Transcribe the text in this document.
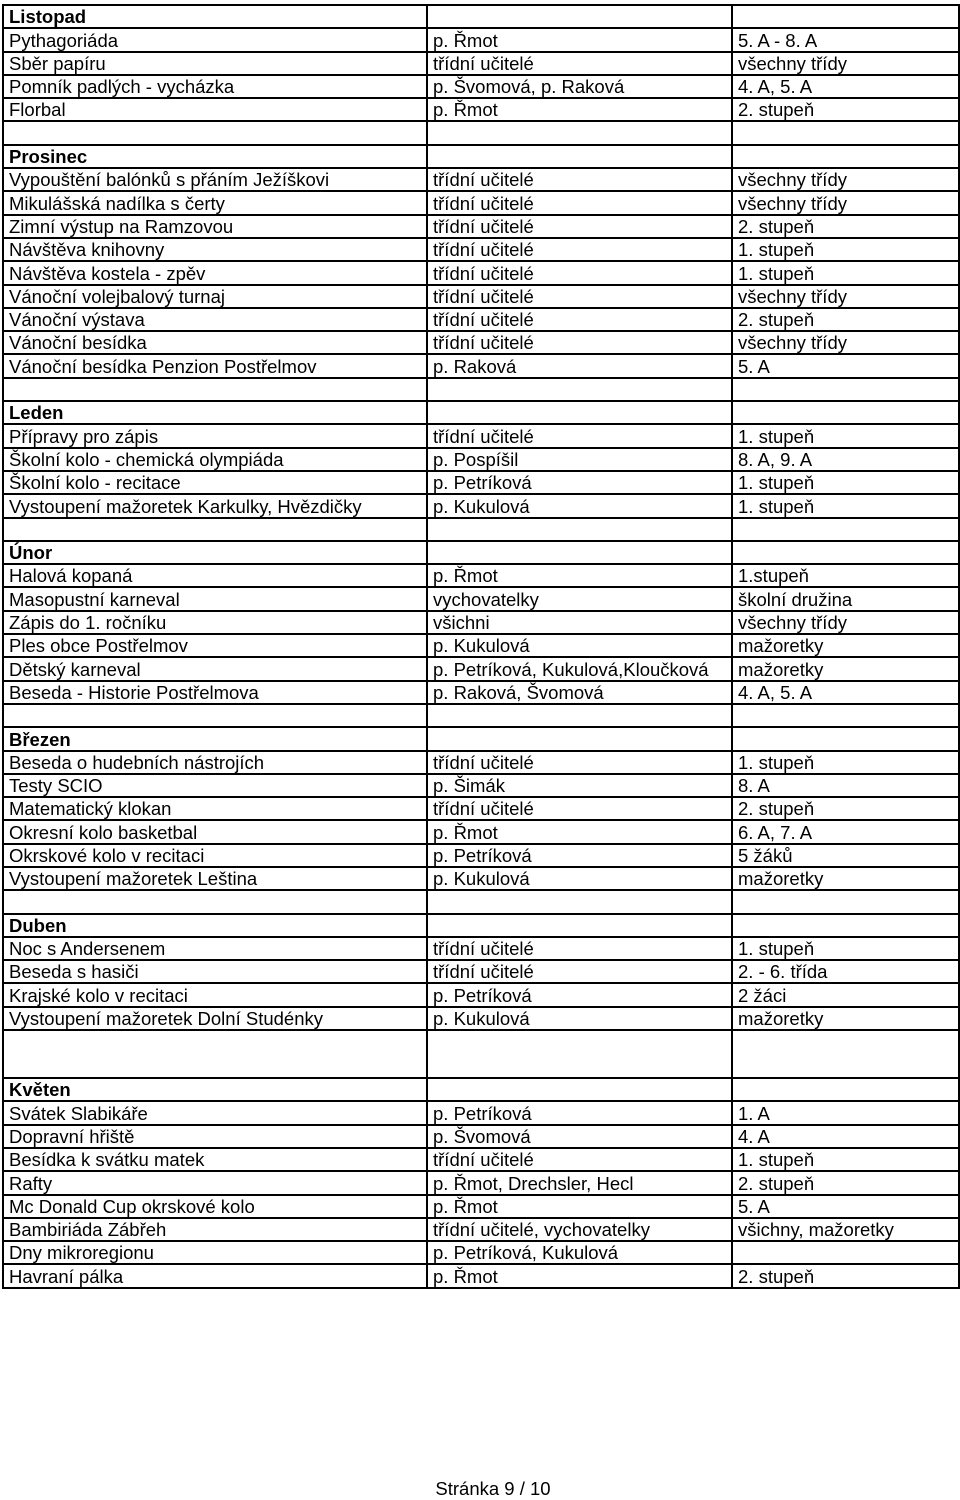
Listopad		
Pythagoriáda	p. Řmot	5. A - 8. A
Sběr papíru	třídní učitelé	všechny třídy
Pomník padlých - vycházka	p. Švomová, p. Raková	4. A, 5. A
Florbal	p. Řmot	2. stupeň

Prosinec		
Vypouštění balónků s přáním Ježíškovi	třídní učitelé	všechny třídy
Mikulášská nadílka s čerty	třídní učitelé	všechny třídy
Zimní výstup na Ramzovou	třídní učitelé	2. stupeň
Návštěva knihovny	třídní učitelé	1. stupeň
Návštěva kostela - zpěv	třídní učitelé	1. stupeň
Vánoční volejbalový turnaj	třídní učitelé	všechny třídy
Vánoční výstava	třídní učitelé	2. stupeň
Vánoční besídka	třídní učitelé	všechny třídy
Vánoční besídka Penzion Postřelmov	p. Raková	5. A

Leden		
Přípravy pro zápis	třídní učitelé	1. stupeň
Školní kolo - chemická olympiáda	p. Pospíšil	8. A, 9. A
Školní kolo - recitace	p. Petríková	1. stupeň
Vystoupení mažoretek Karkulky, Hvězdičky	p. Kukulová	1. stupeň

Únor		
Halová kopaná	p. Řmot	1.stupeň
Masopustní karneval	vychovatelky	školní družina
Zápis do 1. ročníku	všichni	všechny třídy
Ples obce Postřelmov	p. Kukulová	mažoretky
Dětský karneval	p. Petríková, Kukulová,Kloučková	mažoretky
Beseda - Historie Postřelmova	p. Raková, Švomová	4. A, 5. A

Březen		
Beseda o hudebních nástrojích	třídní učitelé	1. stupeň
Testy SCIO	p. Šimák	8. A
Matematický klokan	třídní učitelé	2. stupeň
Okresní kolo basketbal	p. Řmot	6. A, 7. A
Okrskové kolo v recitaci	p. Petríková	5 žáků
Vystoupení mažoretek Leština	p. Kukulová	mažoretky

Duben		
Noc s Andersenem	třídní učitelé	1. stupeň
Beseda s hasiči	třídní učitelé	2. - 6. třída
Krajské kolo v recitaci	p. Petríková	2 žáci
Vystoupení mažoretek Dolní Studénky	p. Kukulová	mažoretky

Květen		
Svátek Slabikáře	p. Petríková	1. A
Dopravní hřiště	p. Švomová	4. A
Besídka k svátku matek	třídní učitelé	1. stupeň
Rafty	p. Řmot, Drechsler, Hecl	2. stupeň
Mc Donald Cup okrskové kolo	p. Řmot	5. A
Bambiriáda Zábřeh	třídní učitelé, vychovatelky	všichny, mažoretky
Dny mikroregionu	p. Petríková, Kukulová	
Havraní pálka	p. Řmot	2. stupeň
Stránka 9 / 10
